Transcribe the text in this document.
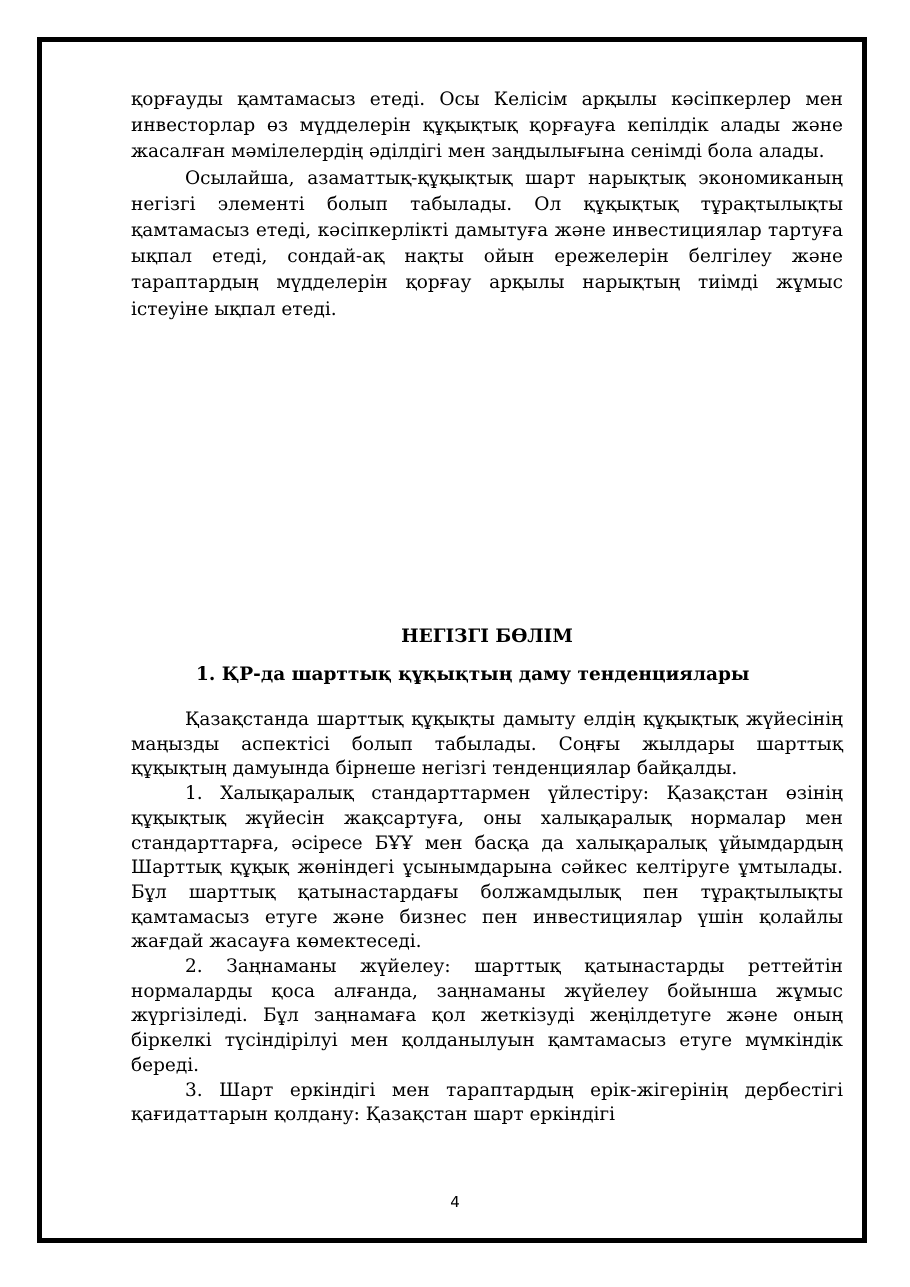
қорғауды қамтамасыз етеді. Осы Келісім арқылы кәсіпкерлер мен инвесторлар өз мүдделерін құқықтық қорғауға кепілдік алады және жасалған мәмілелердің әділдігі мен заңдылығына сенімді бола алады.

Осылайша, азаматтық-құқықтық шарт нарықтық экономиканың негізгі элементі болып табылады. Ол құқықтық тұрақтылықты қамтамасыз етеді, кәсіпкерлікті дамытуға және инвестициялар тартуға ықпал етеді, сондай-ақ нақты ойын ережелерін белгілеу және тараптардың мүдделерін қорғау арқылы нарықтың тиімді жұмыс істеуіне ықпал етеді.

НЕГІЗГІ БӨЛІМ
1. ҚР-да шарттық құқықтың даму тенденциялары

Қазақстанда шарттық құқықты дамыту елдің құқықтық жүйесінің маңызды аспектісі болып табылады. Соңғы жылдары шарттық құқықтың дамуында бірнеше негізгі тенденциялар байқалды.

1. Халықаралық стандарттармен үйлестіру: Қазақстан өзінің құқықтық жүйесін жақсартуға, оны халықаралық нормалар мен стандарттарға, әсіресе БҰҰ мен басқа да халықаралық ұйымдардың Шарттық құқық жөніндегі ұсынымдарына сәйкес келтіруге ұмтылады. Бұл шарттық қатынастардағы болжамдылық пен тұрақтылықты қамтамасыз етуге және бизнес пен инвестициялар үшін қолайлы жағдай жасауға көмектеседі.

2. Заңнаманы жүйелеу: шарттық қатынастарды реттейтін нормаларды қоса алғанда, заңнаманы жүйелеу бойынша жұмыс жүргізіледі. Бұл заңнамаға қол жеткізуді жеңілдетуге және оның біркелкі түсіндірілуі мен қолданылуын қамтамасыз етуге мүмкіндік береді.

3. Шарт еркіндігі мен тараптардың ерік-жігерінің дербестігі қағидаттарын қолдану: Қазақстан шарт еркіндігі

4
